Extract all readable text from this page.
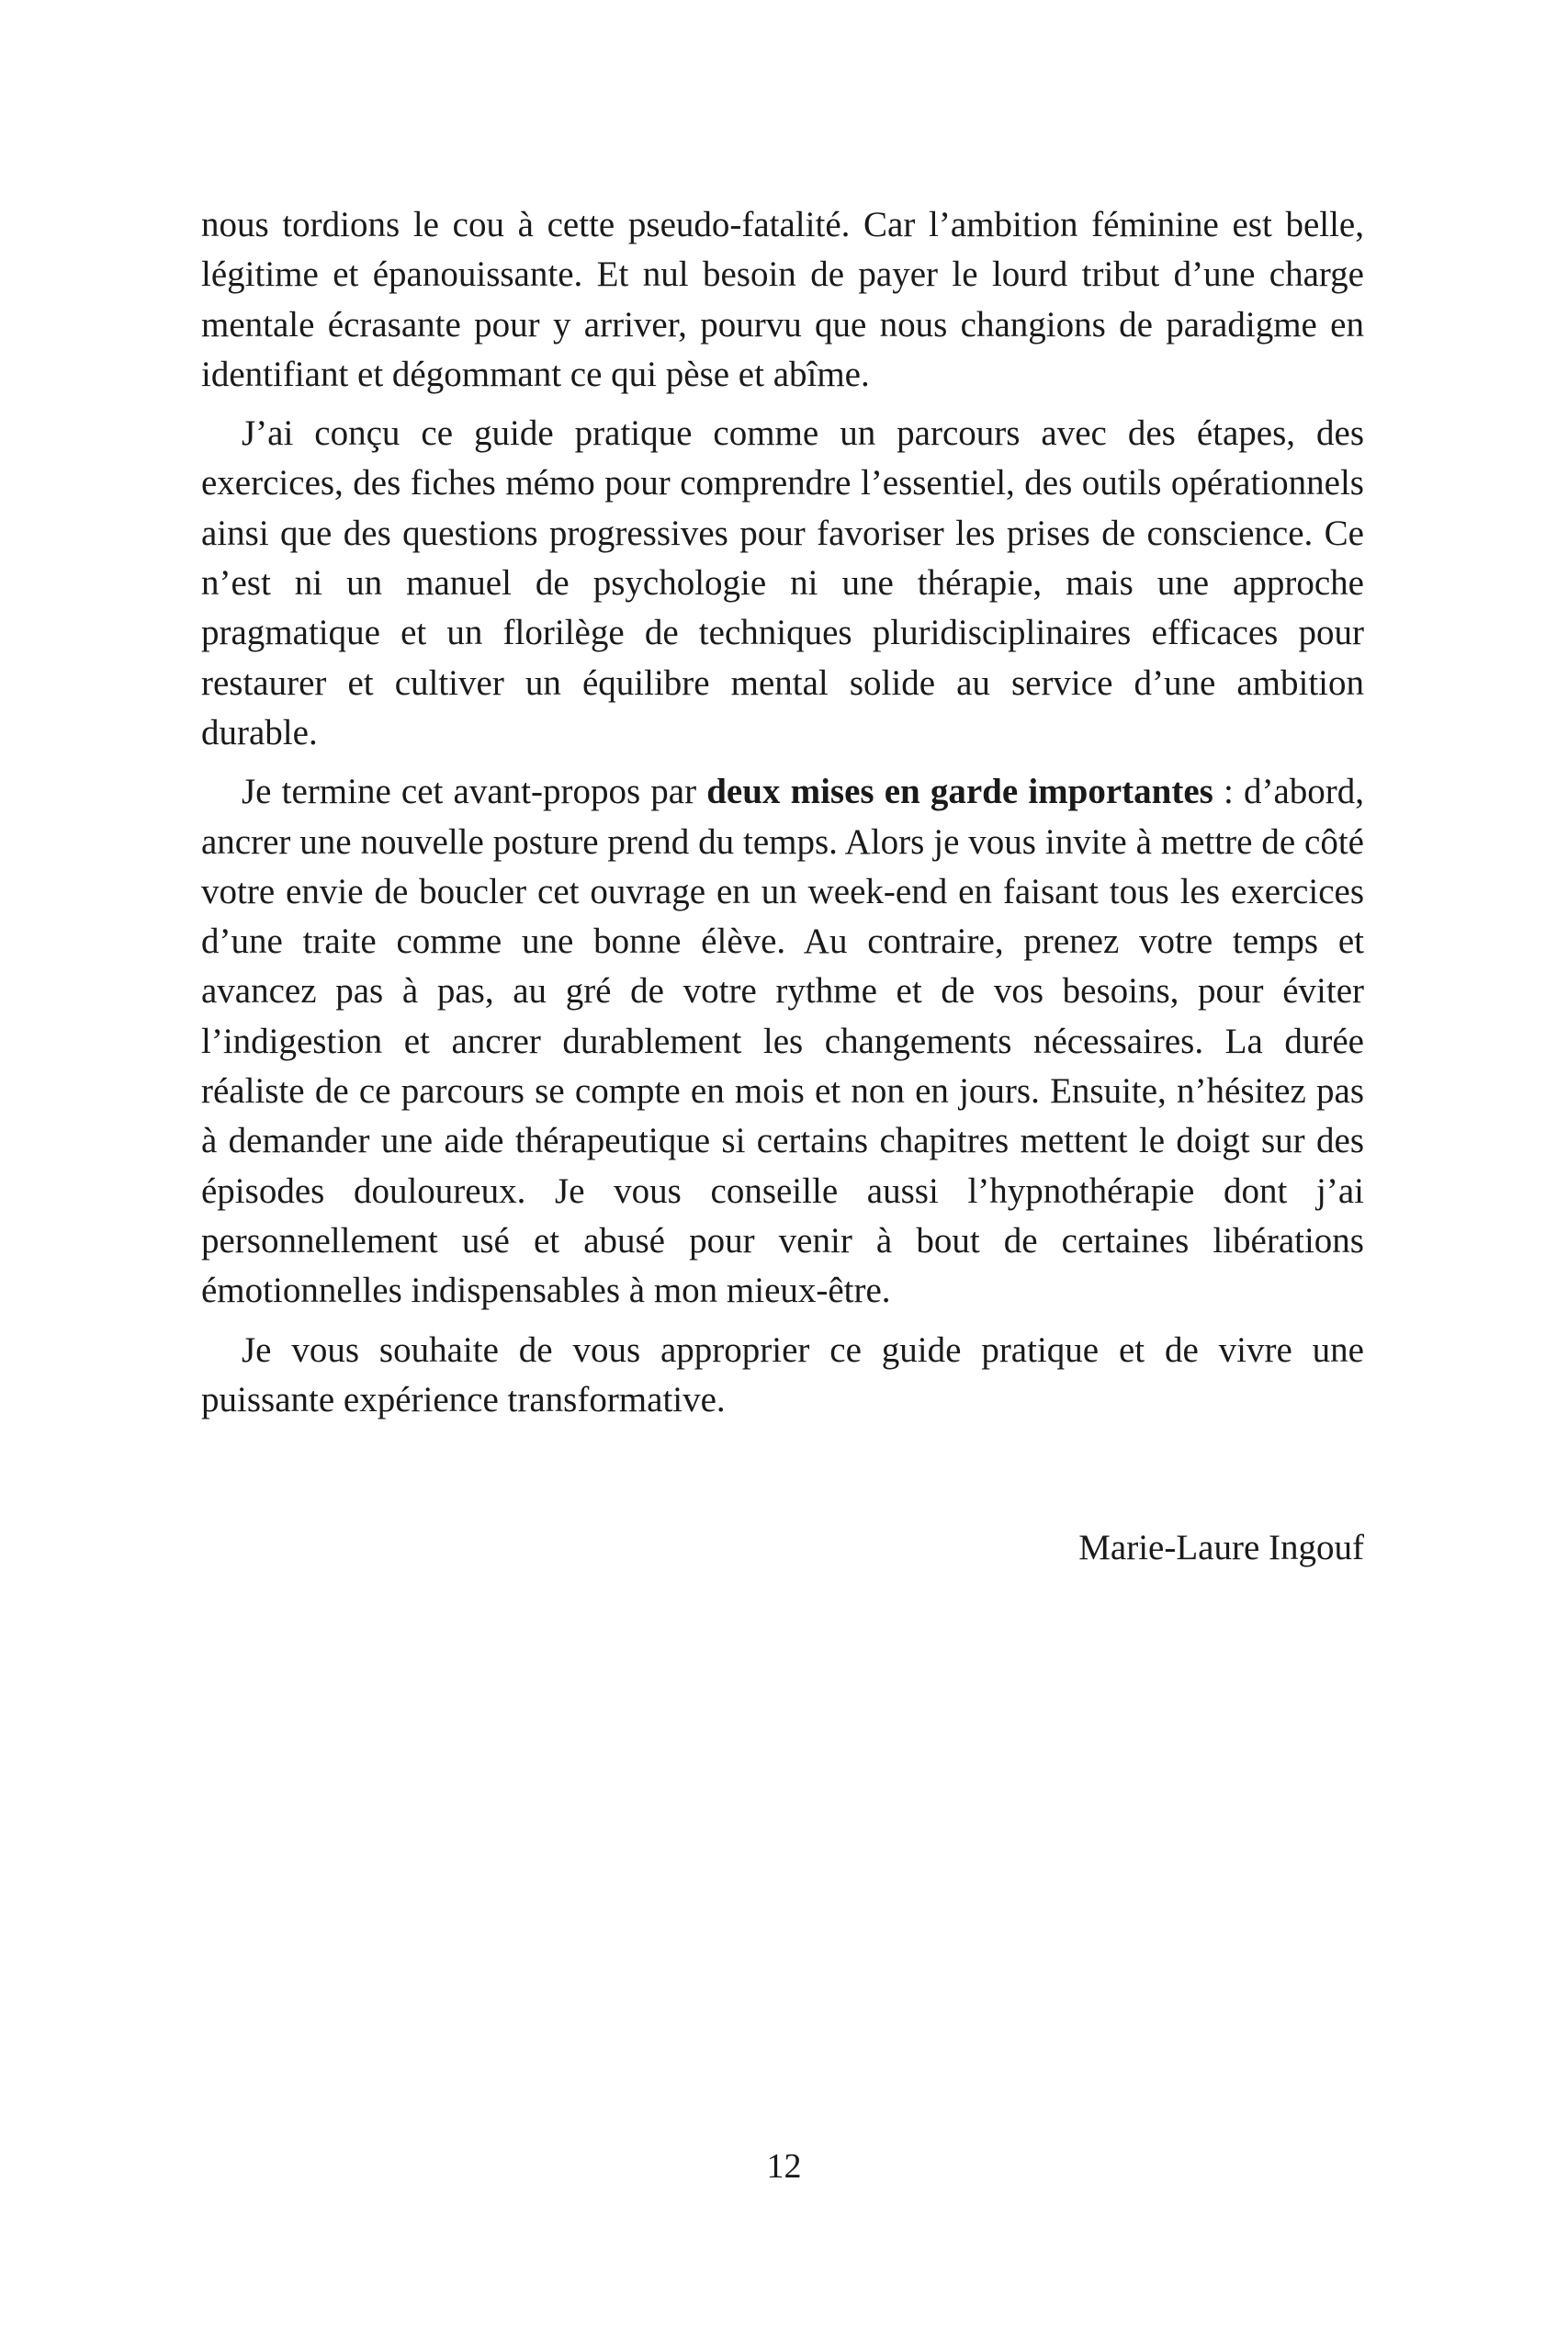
nous tordions le cou à cette pseudo-fatalité. Car l’ambition féminine est belle, légitime et épanouissante. Et nul besoin de payer le lourd tribut d’une charge mentale écrasante pour y arriver, pourvu que nous changions de paradigme en identifiant et dégommant ce qui pèse et abîme.

J’ai conçu ce guide pratique comme un parcours avec des étapes, des exercices, des fiches mémo pour comprendre l’essentiel, des outils opérationnels ainsi que des questions progressives pour favoriser les prises de conscience. Ce n’est ni un manuel de psychologie ni une thérapie, mais une approche pragmatique et un florilège de techniques pluridisciplinaires efficaces pour restaurer et cultiver un équilibre mental solide au service d’une ambition durable.

Je termine cet avant-propos par deux mises en garde importantes : d’abord, ancrer une nouvelle posture prend du temps. Alors je vous invite à mettre de côté votre envie de boucler cet ouvrage en un week-end en faisant tous les exercices d’une traite comme une bonne élève. Au contraire, prenez votre temps et avancez pas à pas, au gré de votre rythme et de vos besoins, pour éviter l’indigestion et ancrer durablement les changements nécessaires. La durée réaliste de ce parcours se compte en mois et non en jours. Ensuite, n’hésitez pas à demander une aide thérapeutique si certains chapitres mettent le doigt sur des épisodes douloureux. Je vous conseille aussi l’hypnothérapie dont j’ai personnellement usé et abusé pour venir à bout de certaines libérations émotionnelles indispensables à mon mieux-être.

Je vous souhaite de vous approprier ce guide pratique et de vivre une puissante expérience transformative.

Marie-Laure Ingouf
12
